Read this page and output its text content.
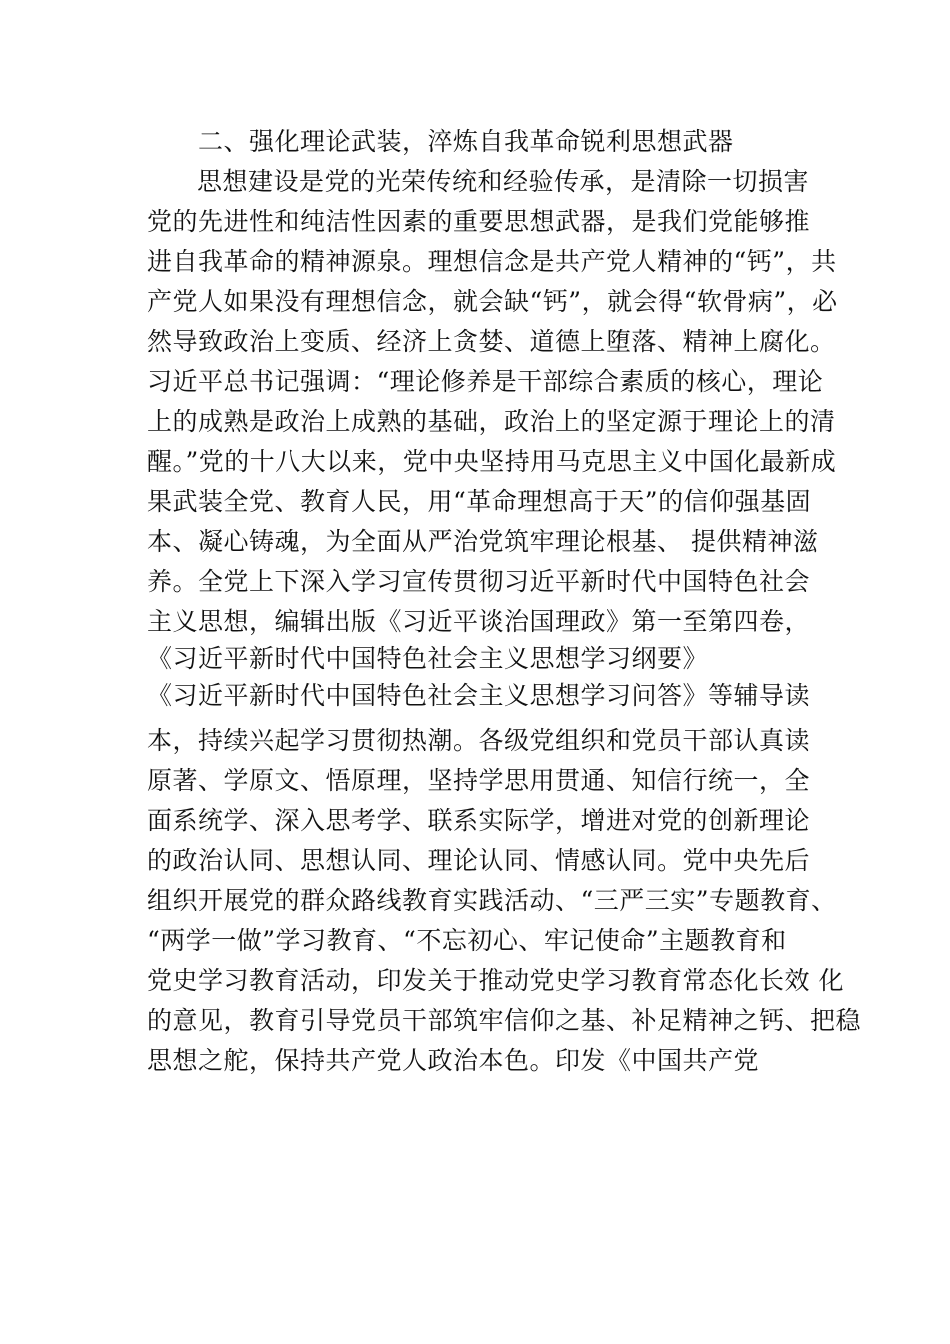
二、强化理论武装，淬炼自我革命锐利思想武器
思想建设是党的光荣传统和经验传承，是清除一切损害
党的先进性和纯洁性因素的重要思想武器，是我们党能够推
进自我革命的精神源泉。理想信念是共产党人精神的“钙”，共
产党人如果没有理想信念，就会缺“钙”，就会得“软骨病”，必
然导致政治上变质、经济上贪婪、道德上堕落、精神上腐化。
习近平总书记强调：“理论修养是干部综合素质的核心，理论
上的成熟是政治上成熟的基础，政治上的坚定源于理论上的清
醒。”党的十八大以来，党中央坚持用马克思主义中国化最新成
果武装全党、教育人民，用“革命理想高于天”的信仰强基固
本、凝心铸魂，为全面从严治党筑牢理论根基、 提供精神滋
养。全党上下深入学习宣传贯彻习近平新时代中国特色社会
主义思想，编辑出版《习近平谈治国理政》第一至第四卷，
《习近平新时代中国特色社会主义思想学习纲要》
《习近平新时代中国特色社会主义思想学习问答》等辅导读
本，持续兴起学习贯彻热潮。各级党组织和党员干部认真读
原著、学原文、悟原理，坚持学思用贯通、知信行统一，全
面系统学、深入思考学、联系实际学，增进对党的创新理论
的政治认同、思想认同、理论认同、情感认同。党中央先后
组织开展党的群众路线教育实践活动、“三严三实”专题教育、
“两学一做”学习教育、“不忘初心、牢记使命”主题教育和
党史学习教育活动，印发关于推动党史学习教育常态化长效 化
的意见，教育引导党员干部筑牢信仰之基、补足精神之钙、把稳
思想之舵，保持共产党人政治本色。印发《中国共产党
